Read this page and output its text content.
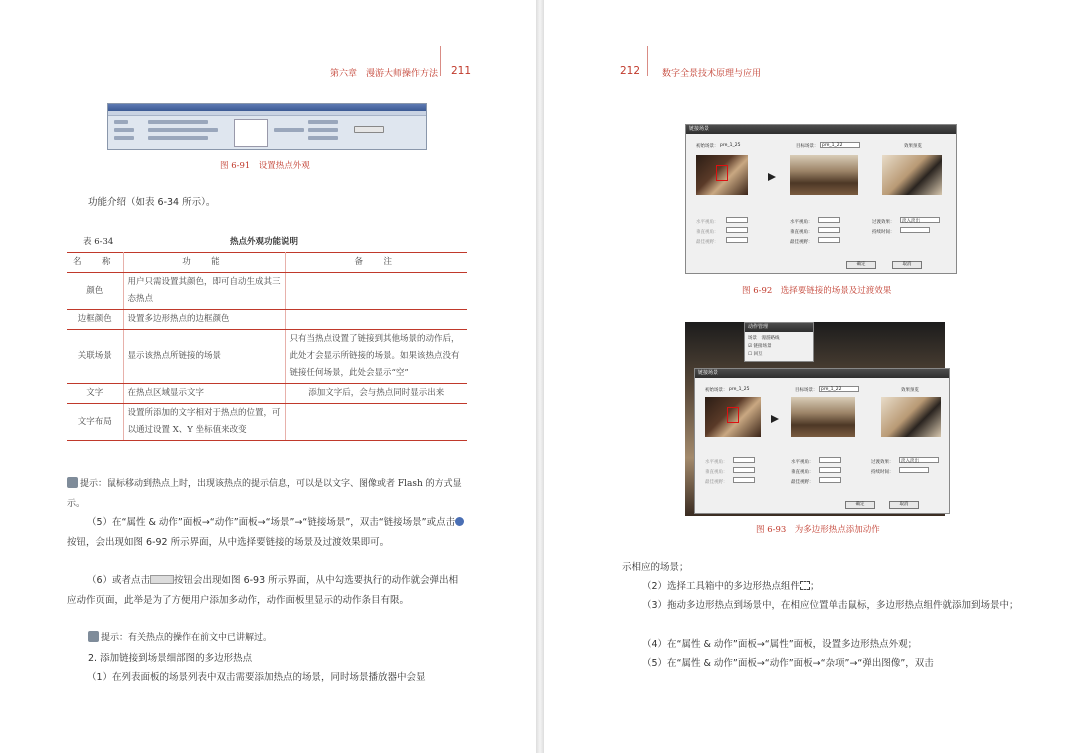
第六章　漫游大师操作方法 211
图 6-91　设置热点外观
功能介绍（如表 6-34 所示）。
表 6-34	热点外观功能说明
名　称	功　能	备　注
颜色	用户只需设置其颜色，即可自动生成其三态热点	
边框颜色	设置多边形热点的边框颜色	
关联场景	显示该热点所链接的场景	只有当热点设置了链接到其他场景的动作后，此处才会显示所链接的场景。如果该热点没有链接任何场景，此处会显示“空”
文字	在热点区域显示文字	添加文字后，会与热点同时显示出来
文字布局	设置所添加的文字相对于热点的位置，可以通过设置 X、Y 坐标值来改变	
提示：鼠标移动到热点上时，出现该热点的提示信息，可以是以文字、图像或者 Flash 的方式显示。
（5）在“属性 & 动作”面板→“动作”面板→“场景”→“链接场景”，双击“链接场景”或点击按钮，会出现如图 6-92 所示界面，从中选择要链接的场景及过渡效果即可。
（6）或者点击	按钮会出现如图 6-93 所示界面，从中勾选要执行的动作就会弹出相应动作页面，此举是为了方便用户添加多动作，动作面板里显示的动作条目有限。
提示：有关热点的操作在前文中已讲解过。
2. 添加链接到场景细部图的多边形热点
（1）在列表面板的场景列表中双击需要添加热点的场景，同时场景播放器中会显
212 数字全景技术原理与应用
链接场景
初始场景： pre_1_25	目标场景： pre_1_22	效果预览
水平视角：
垂直视角：
最佳视野：
水平视角：
垂直视角：
最佳视野：
过渡效果： 淡入淡出
持续时间：
确定	取消
图 6-92　选择要链接的场景及过渡效果
动作管理
场景　漫游路线
☑ 链接场景
☐ 回互
链接场景
初始场景： pre_1_25	目标场景： pre_1_22	效果预览
水平视角：
垂直视角：
最佳视野：
水平视角：
垂直视角：
最佳视野：
过渡效果： 淡入淡出
持续时间：
确定	取消
图 6-93　为多边形热点添加动作
示相应的场景；
（2）选择工具箱中的多边形热点组件 ；
（3）拖动多边形热点到场景中，在相应位置单击鼠标，多边形热点组件就添加到场景中；
（4）在“属性 & 动作”面板→“属性”面板，设置多边形热点外观；
（5）在“属性 & 动作”面板→“动作”面板→“杂项”→“弹出图像”，双击
